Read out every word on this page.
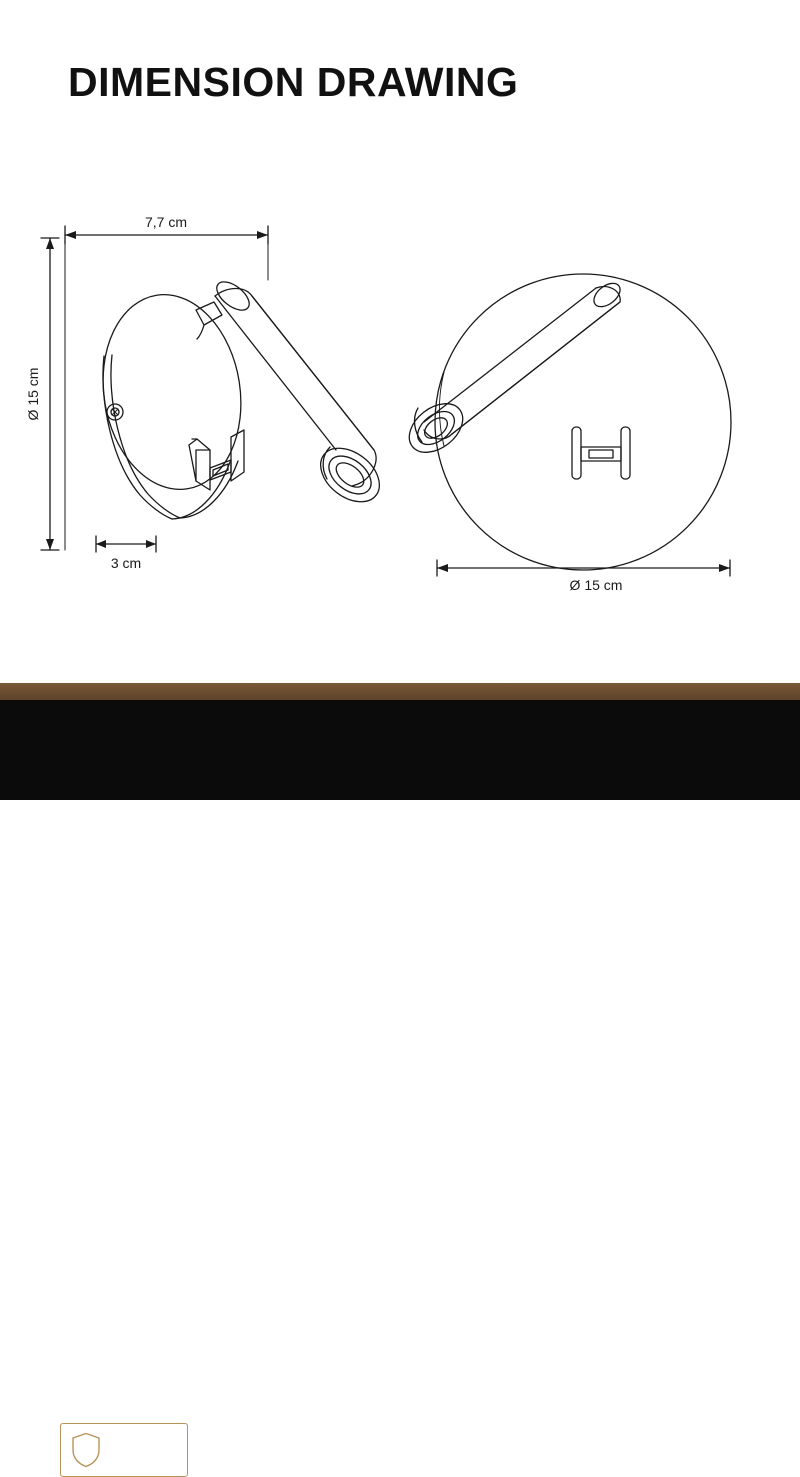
DIMENSION DRAWING
7,7 cm
Ø 15 cm
3 cm
Ø 15 cm
2 YEAR
WARRANTY	Olucia
